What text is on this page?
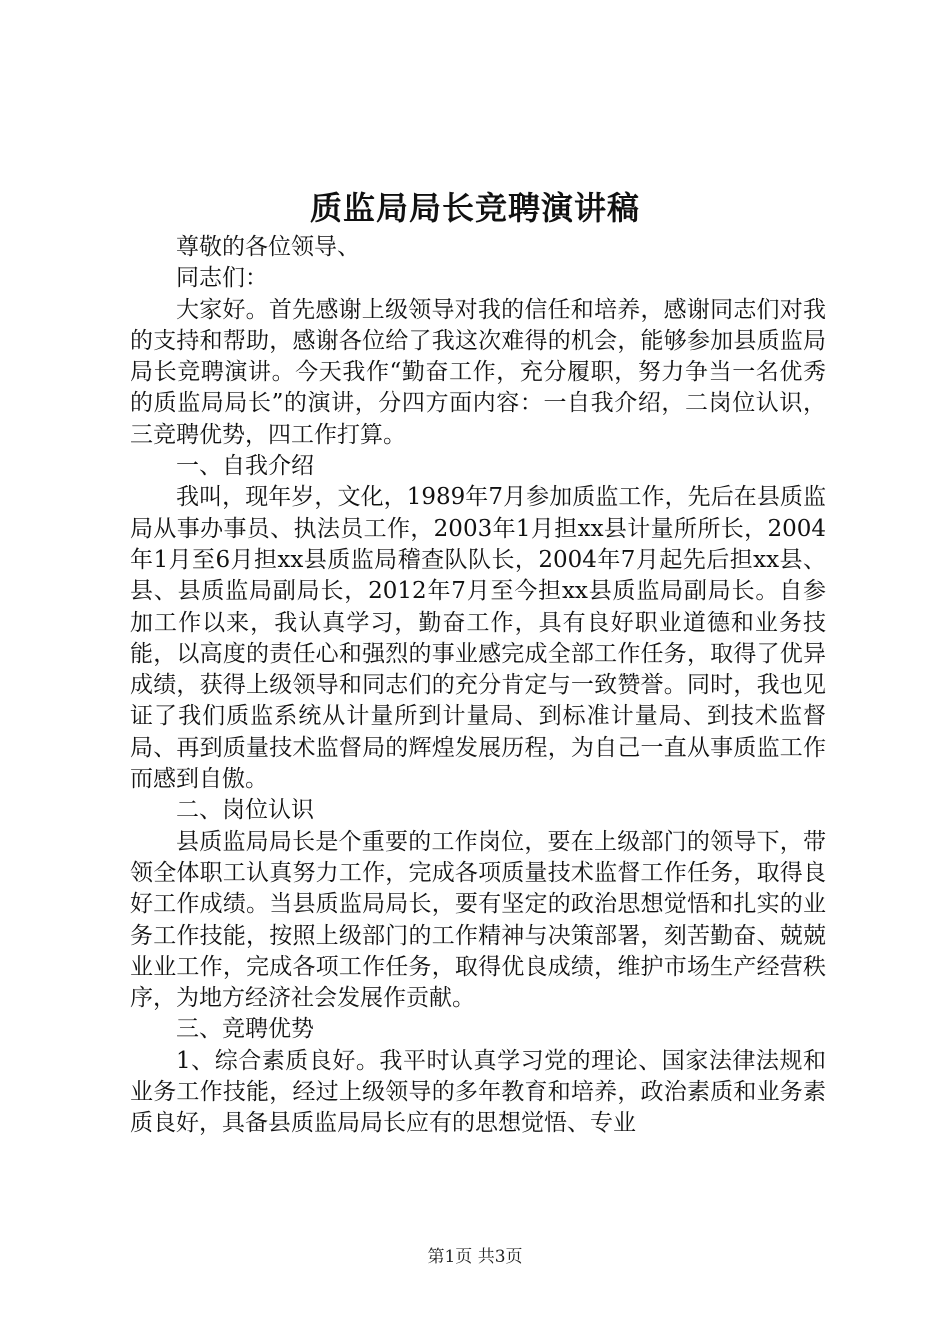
质监局局长竞聘演讲稿

尊敬的各位领导、

同志们：

大家好。首先感谢上级领导对我的信任和培养，感谢同志们对我的支持和帮助，感谢各位给了我这次难得的机会，能够参加县质监局局长竞聘演讲。今天我作“勤奋工作，充分履职，努力争当一名优秀的质监局局长”的演讲，分四方面内容：一自我介绍，二岗位认识，三竞聘优势，四工作打算。

一、自我介绍

我叫，现年岁，文化，1989年7月参加质监工作，先后在县质监局从事办事员、执法员工作，2003年1月担xx县计量所所长，2004年1月至6月担xx县质监局稽查队队长，2004年7月起先后担xx县、县、县质监局副局长，2012年7月至今担xx县质监局副局长。自参加工作以来，我认真学习，勤奋工作，具有良好职业道德和业务技能，以高度的责任心和强烈的事业感完成全部工作任务，取得了优异成绩，获得上级领导和同志们的充分肯定与一致赞誉。同时，我也见证了我们质监系统从计量所到计量局、到标准计量局、到技术监督局、再到质量技术监督局的辉煌发展历程，为自己一直从事质监工作而感到自傲。

二、岗位认识

县质监局局长是个重要的工作岗位，要在上级部门的领导下，带领全体职工认真努力工作，完成各项质量技术监督工作任务，取得良好工作成绩。当县质监局局长，要有坚定的政治思想觉悟和扎实的业务工作技能，按照上级部门的工作精神与决策部署，刻苦勤奋、兢兢业业工作，完成各项工作任务，取得优良成绩，维护市场生产经营秩序，为地方经济社会发展作贡献。

三、竞聘优势

1、综合素质良好。我平时认真学习党的理论、国家法律法规和业务工作技能，经过上级领导的多年教育和培养，政治素质和业务素质良好，具备县质监局局长应有的思想觉悟、专业

第1页 共3页
